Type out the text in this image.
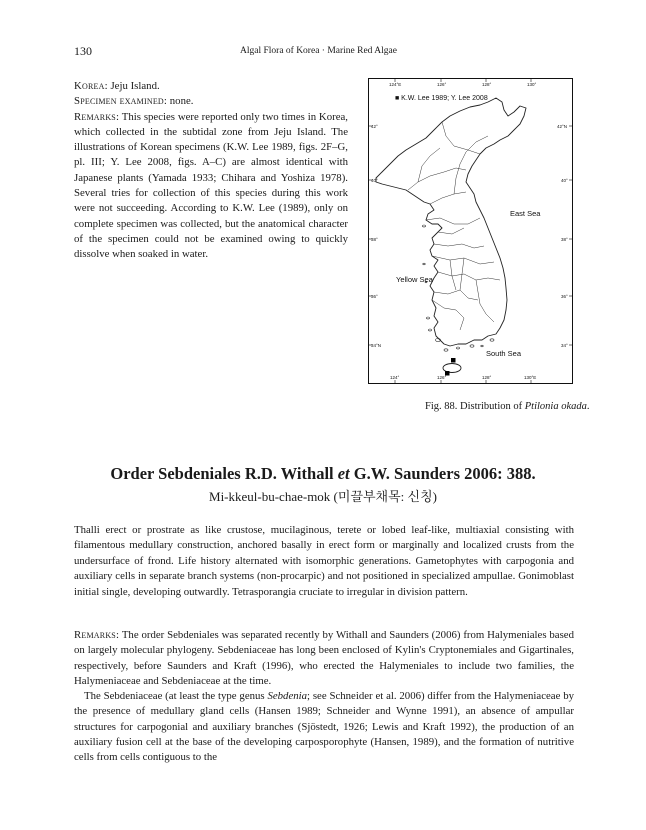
130	Algal Flora of Korea · Marine Red Algae

Korea: Jeju Island.

Specimen examined: none.

Remarks: This species were reported only two times in Korea, which collected in the subtidal zone from Jeju Island. The illustrations of Korean specimens (K.W. Lee 1989, figs. 2F–G, pl. III; Y. Lee 2008, figs. A–C) are almost identical with Japanese plants (Yamada 1933; Chihara and Yoshiza 1978). Several tries for collection of this species during this work were not succeeding. According to K.W. Lee (1989), only on complete specimen was collected, but the anatomical character of the specimen could not be examined owing to quickly dissolve when soaked in water.

124°E	126°	128°	130°
124°	126°	128°	130°E
42°
40°
38°
36°
34°N
42°N
40°
38°
36°
34°
■ K.W. Lee 1989; Y. Lee 2008
East Sea
Yellow Sea
South Sea
Fig. 88. Distribution of Ptilonia okada.
Order Sebdeniales R.D. Withall et G.W. Saunders 2006: 388.
Mi-kkeul-bu-chae-mok (미끌부채목: 신칭)

Thalli erect or prostrate as like crustose, mucilaginous, terete or lobed leaf-like, multiaxial consisting with filamentous medullary construction, anchored basally in erect form or marginally and localized crusts from the undersurface of frond. Life history alternated with isomorphic generations. Gametophytes with carpogonia and auxiliary cells in separate branch systems (non-procarpic) and not positioned in specialized ampullae. Gonimoblast initial single, developing outwardly. Tetrasporangia cruciate to irregular in division pattern.

Remarks: The order Sebdeniales was separated recently by Withall and Saunders (2006) from Halymeniales based on largely molecular phylogeny. Sebdeniaceae has long been enclosed of Kylin's Cryptonemiales and Gigartinales, respectively, before Saunders and Kraft (1996), who erected the Halymeniales to include two families, the Halymeniaceae and Sebdeniaceae at the time.

The Sebdeniaceae (at least the type genus Sebdenia; see Schneider et al. 2006) differ from the Halymeniaceae by the presence of medullary gland cells (Hansen 1989; Schneider and Wynne 1991), an absence of ampullar structures for carpogonial and auxiliary branches (Sjöstedt, 1926; Lewis and Kraft 1992), the production of an auxiliary fusion cell at the base of the developing carposporophyte (Hansen, 1989), and the formation of nutritive cells from cells contiguous to the
